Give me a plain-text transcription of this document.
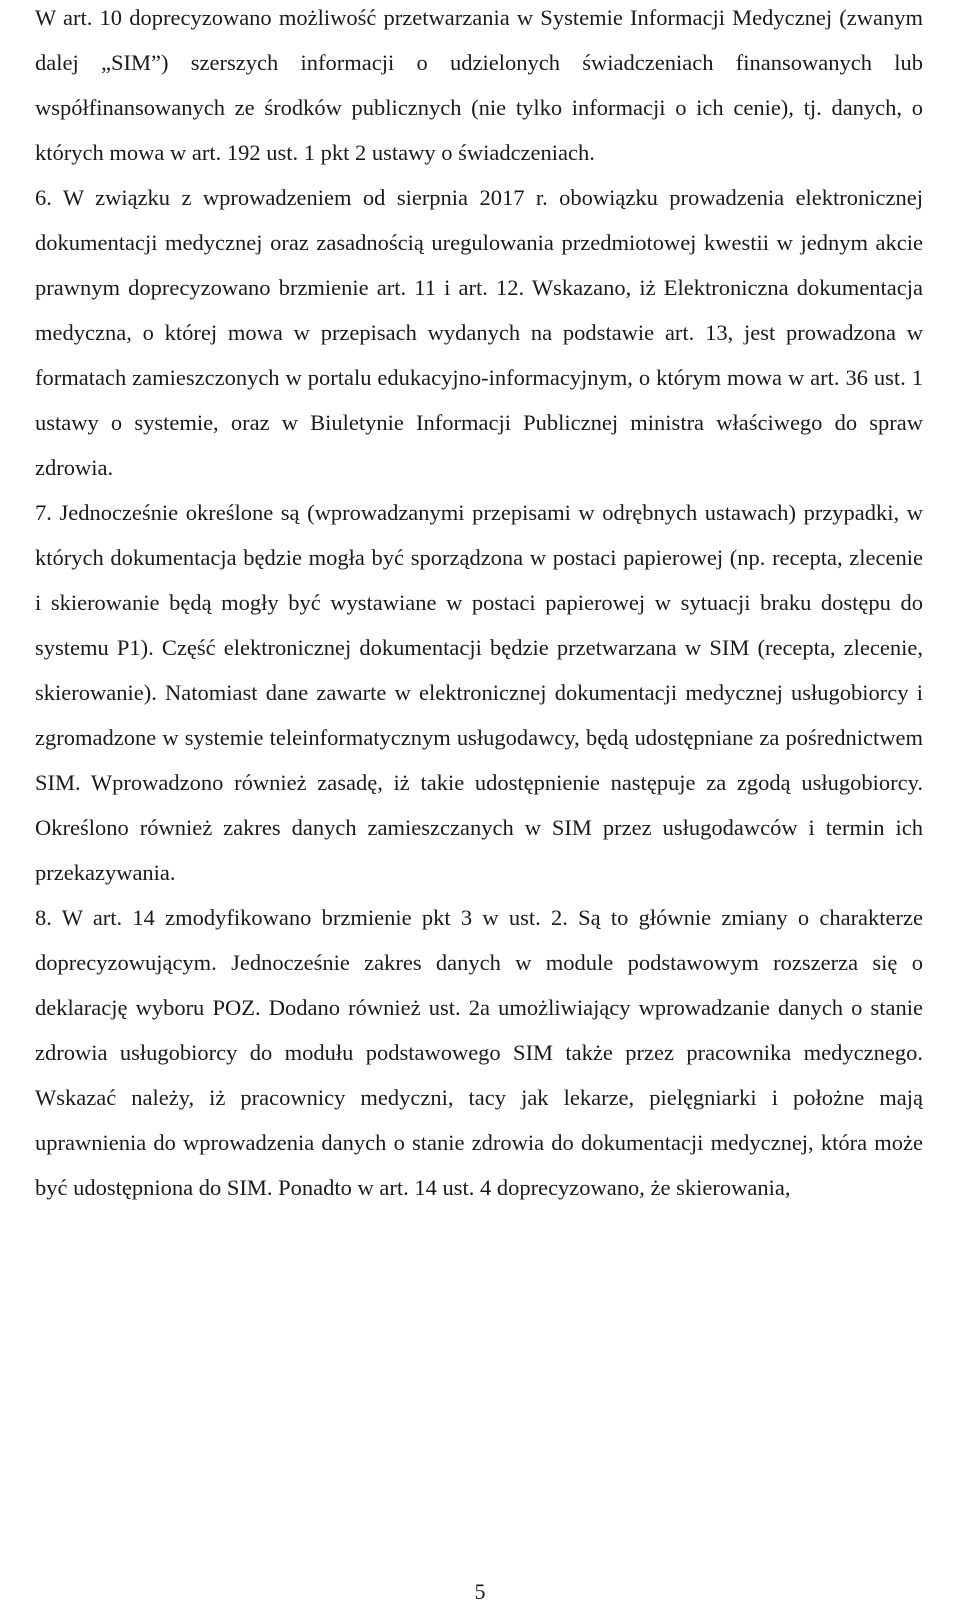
W art. 10 doprecyzowano możliwość przetwarzania w Systemie Informacji Medycznej (zwanym dalej „SIM”) szerszych informacji o udzielonych świadczeniach finansowanych lub współfinansowanych ze środków publicznych (nie tylko informacji o ich cenie), tj. danych, o których mowa w art. 192 ust. 1 pkt 2 ustawy o świadczeniach.

6. W związku z wprowadzeniem od sierpnia 2017 r. obowiązku prowadzenia elektronicznej dokumentacji medycznej oraz zasadnością uregulowania przedmiotowej kwestii w jednym akcie prawnym doprecyzowano brzmienie art. 11 i art. 12. Wskazano, iż Elektroniczna dokumentacja medyczna, o której mowa w przepisach wydanych na podstawie art. 13, jest prowadzona w formatach zamieszczonych w portalu edukacyjno-informacyjnym, o którym mowa w art. 36 ust. 1 ustawy o systemie, oraz w Biuletynie Informacji Publicznej ministra właściwego do spraw zdrowia.

7. Jednocześnie określone są (wprowadzanymi przepisami w odrębnych ustawach) przypadki, w których dokumentacja będzie mogła być sporządzona w postaci papierowej (np. recepta, zlecenie i skierowanie będą mogły być wystawiane w postaci papierowej w sytuacji braku dostępu do systemu P1). Część elektronicznej dokumentacji będzie przetwarzana w SIM (recepta, zlecenie, skierowanie). Natomiast dane zawarte w elektronicznej dokumentacji medycznej usługobiorcy i zgromadzone w systemie teleinformatycznym usługodawcy, będą udostępniane za pośrednictwem SIM. Wprowadzono również zasadę, iż takie udostępnienie następuje za zgodą usługobiorcy. Określono również zakres danych zamieszczanych w SIM przez usługodawców i termin ich przekazywania.

8. W art. 14 zmodyfikowano brzmienie pkt 3 w ust. 2. Są to głównie zmiany o charakterze doprecyzowującym. Jednocześnie zakres danych w module podstawowym rozszerza się o deklarację wyboru POZ. Dodano również ust. 2a umożliwiający wprowadzanie danych o stanie zdrowia usługobiorcy do modułu podstawowego SIM także przez pracownika medycznego. Wskazać należy, iż pracownicy medyczni, tacy jak lekarze, pielęgniarki i położne mają uprawnienia do wprowadzenia danych o stanie zdrowia do dokumentacji medycznej, która może być udostępniona do SIM. Ponadto w art. 14 ust. 4 doprecyzowano, że skierowania,

5
